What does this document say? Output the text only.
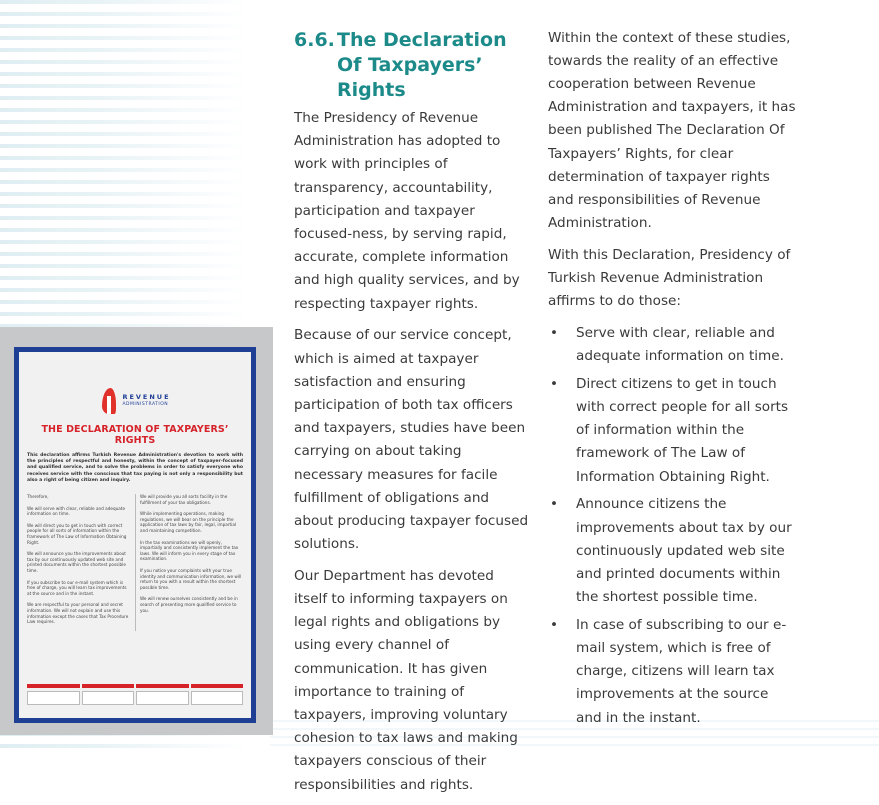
REVENUE
ADMINISTRATION
THE DECLARATION OF TAXPAYERS’ RIGHTS
This declaration affirms Turkish Revenue Administration's devotion to work with the principles of respectful and honesty, within the concept of taxpayer-focused and qualified service, and to solve the problems in order to satisfy everyone who receives service with the conscious that tax paying is not only a responsibility but also a right of being citizen and inquiry.
Therefore,
We will serve with clear, reliable and adequate information on time.
We will direct you to get in touch with correct people for all sorts of information within the framework of The Law of Information Obtaining Right.
We will announce you the improvements about tax by our continuously updated web site and printed documents within the shortest possible time.
If you subscribe to our e-mail system which is free of charge, you will learn tax improvements at the source and in the instant.
We are respectful to your personal and secret information. We will not explain and use this information except the cases that Tax Procedure Law requires.
We will provide you all sorts facility in the fulfillment of your tax obligations.
While implementing operations, making regulations, we will bear on the principle the application of tax laws by fair, legal, impartial and maintaining competition.
In the tax examinations we will openly, impartially and consistently implement the tax laws. We will inform you in every stage of tax examination.
If you notice your complaints with your true identity and communication information, we will return to you with a result within the shortest possible time.
We will renew ourselves consistently and be in search of presenting more qualified service to you.
6.6. The Declaration Of Taxpayers’ Rights

The Presidency of Revenue Administration has adopted to work with principles of transparency, accountability, participation and taxpayer focused-ness, by serving rapid, accurate, complete information and high quality services, and by respecting taxpayer rights.

Because of our service concept, which is aimed at taxpayer satisfaction and ensuring participation of both tax officers and taxpayers, studies have been carrying on about taking necessary measures for facile fulfillment of obligations and about producing taxpayer focused solutions.

Our Department has devoted itself to informing taxpayers on legal rights and obligations by using every channel of communication. It has given importance to training of taxpayers, improving voluntary cohesion to tax laws and making taxpayers conscious of their responsibilities and rights.

Within the context of these studies, towards the reality of an effective cooperation between Revenue Administration and taxpayers, it has been published The Declaration Of Taxpayers’ Rights, for clear determination of taxpayer rights and responsibilities of Revenue Administration.

With this Declaration, Presidency of Turkish Revenue Administration affirms to do those:

• Serve with clear, reliable and adequate information on time.
• Direct citizens to get in touch with correct people for all sorts of information within the framework of The Law of Information Obtaining Right.
• Announce citizens the improvements about tax by our continuously updated web site and printed documents within the shortest possible time.
• In case of subscribing to our e-mail system, which is free of charge, citizens will learn tax improvements at the source and in the instant.
